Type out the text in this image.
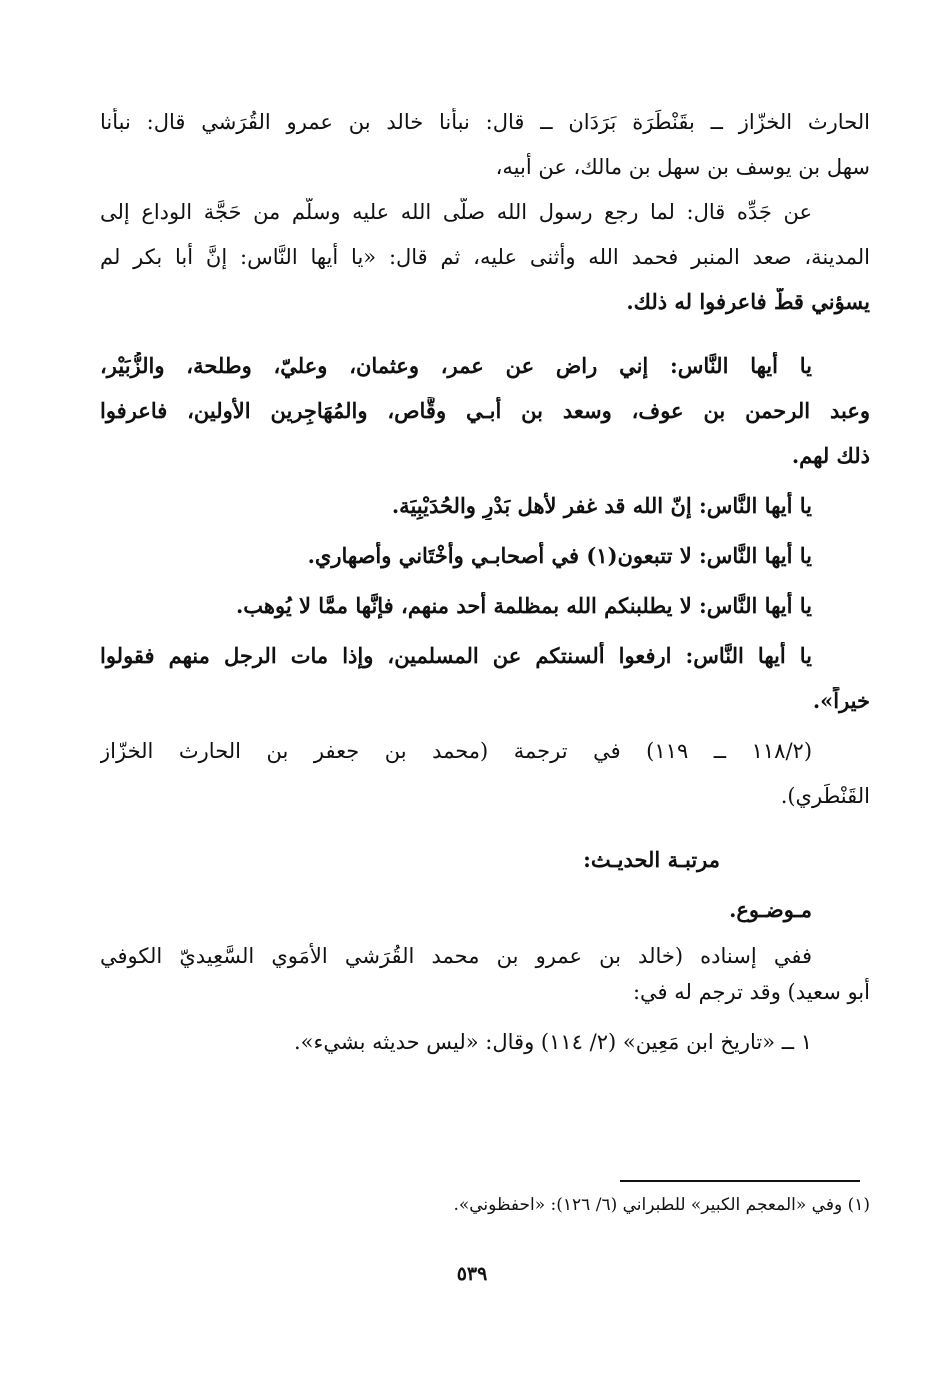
الحارث الخزّاز ــ بقَنْطَرَة بَرَدَان ــ قال: نبأنا خالد بن عمرو القُرَشي قال: نبأنا
سهل بن يوسف بن سهل بن مالك، عن أبيه،
عن جَدِّه قال: لما رجع رسول الله صلَّى الله عليه وسلَّم من حَجَّة الوداع إلى
المدينة، صعد المنبر فحمد الله وأثنى عليه، ثم قال: «يا أيها النَّاس: إنَّ أبا بكر لم
يسؤني قطّ فاعرفوا له ذلك.
يا أيها النَّاس: إني راضٍ عن عمر، وعثمان، وعليّ، وطلحة، والزُّبَيْر،
وعبد الرحمن بن عوف، وسعد بن أبـي وقَّاص، والمُهَاجِرين الأولين، فاعرفوا
ذلك لهم.
يا أيها النَّاس: إنّ الله قد غفر لأهل بَدْرٍ والحُدَيْبِيَة.
يا أيها النَّاس: لا تتبعون(١) في أصحابـي وأَخْتَاني وأصهاري.
يا أيها النَّاس: لا يطلبنكم الله بمظلمة أحد منهم، فإنَّها ممَّا لا يُوهب.
يا أيها النَّاس: ارفعوا ألسنتكم عن المسلمين، وإذا مات الرجل منهم فقولوا
خيراً».
(١١٨/٢ ــ ١١٩) في ترجمة (محمد بن جعفر بن الحارث الخزّاز
القَنْطَري).
مرتبـة الحديـث:
مـوضـوع.
ففي إسناده (خالد بن عمرو بن محمد القُرَشي الأُمَوي السَّعِيديّ الكوفي
أبو سعيد) وقد ترجم له في:
١ ــ «تاريخ ابن مَعِين» (٢/ ١١٤) وقال: «ليس حديثه بشيء».
(١) وفي «المعجم الكبير» للطبراني (٦/ ١٢٦): «احفظوني».
٥٣٩
